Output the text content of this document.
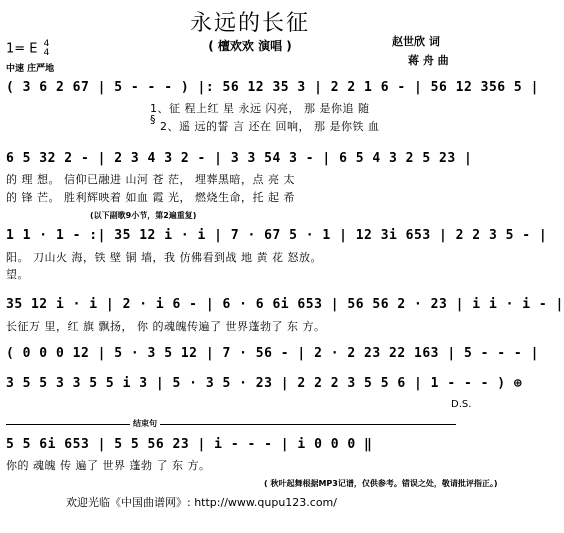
永远的长征
( 檀欢欢 演唱 )	赵世欣 词
蒋 舟 曲
1= E 4
4
中速 庄严地
( 3 6 2 67 | 5 - - - ) |: 56 12 35 3 | 2 2 1 6 - | 56 12 356 5 |
§
1、征 程上红 星 永远 闪亮， 那 是你追 随
2、遥 远的誓 言 还在 回响， 那 是你铁 血
6 5 32 2 - | 2 3 4 3 2 - | 3 3 54 3 - | 6 5 4 3 2 5 23 |
的 理 想。 信仰已融进 山河 苍 茫， 埋葬黑暗，点 亮 太
的 锋 芒。 胜利辉映着 如血 霞 光， 燃烧生命，托 起 希
(以下副歌9小节，第2遍重复)
1 1 · 1 - :| 35 12 i · i | 7 · 67 5 · 1 | 12 3i 653 | 2 2 3 5 - |
阳。 刀山火 海，铁 壁 铜 墙，我 仿佛看到战 地 黄 花 怒放。
望。
35 12 i · i | 2 · i 6 - | 6 · 6 6i 653 | 56 56 2 · 23 | i i · i - |
长征万 里，红 旗 飘扬， 你 的魂魄传遍了 世界蓬勃了 东 方。
( 0 0 0 12 | 5 · 3 5 12 | 7 · 56 - | 2 · 2 23 22 163 | 5 - - - |
3 5 5 3 3 5 5 i 3 | 5 · 3 5 · 23 | 2 2 2 3 5 5 6 | 1 - - - ) ⊕
D.S.
结束句
5 5 6i 653 | 5 5 56 23 | i - - - | i 0 0 0 ‖
你的 魂魄 传 遍了 世界 蓬勃 了 东 方。
( 秋叶起舞根据MP3记谱，仅供参考。错误之处，敬请批评指正。)
欢迎光临《中国曲谱网》: http://www.qupu123.com/
